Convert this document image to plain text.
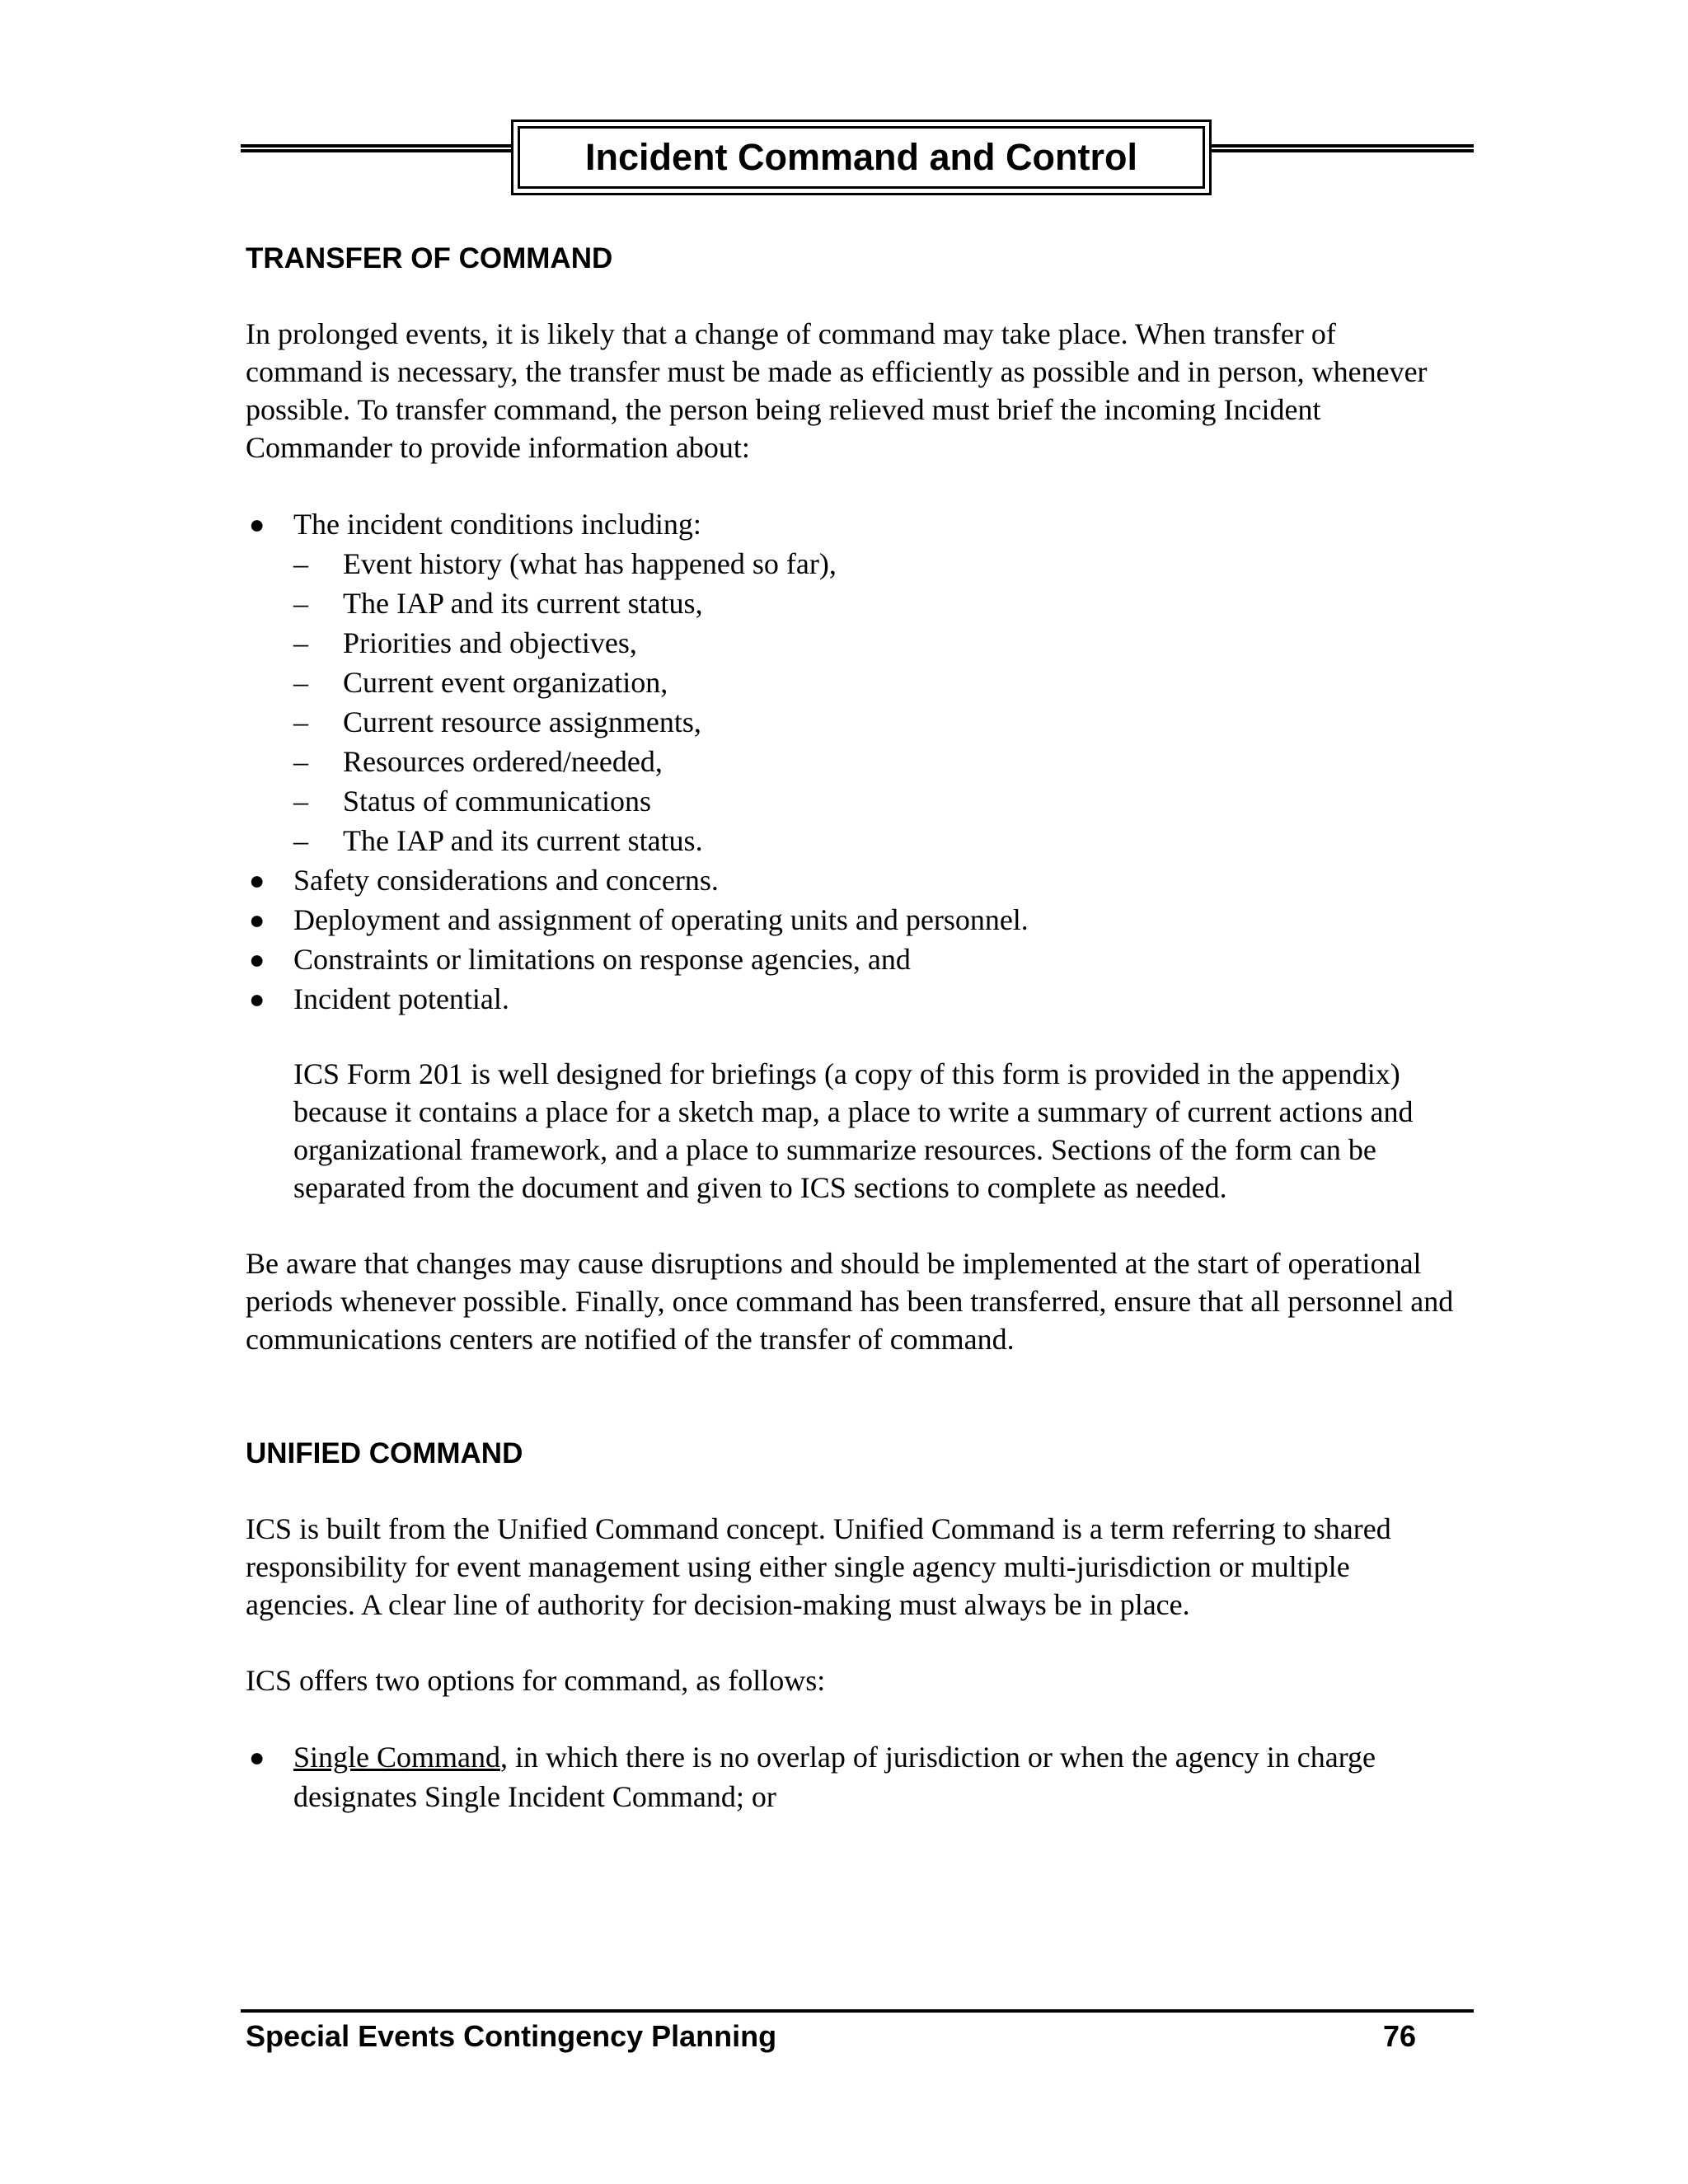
Incident Command and Control
TRANSFER OF COMMAND

In prolonged events, it is likely that a change of command may take place. When transfer of command is necessary, the transfer must be made as efficiently as possible and in person, whenever possible. To transfer command, the person being relieved must brief the incoming Incident Commander to provide information about:

● The incident conditions including:
– Event history (what has happened so far),
– The IAP and its current status,
– Priorities and objectives,
– Current event organization,
– Current resource assignments,
– Resources ordered/needed,
– Status of communications
– The IAP and its current status.
● Safety considerations and concerns.
● Deployment and assignment of operating units and personnel.
● Constraints or limitations on response agencies, and
● Incident potential.

ICS Form 201 is well designed for briefings (a copy of this form is provided in the appendix) because it contains a place for a sketch map, a place to write a summary of current actions and organizational framework, and a place to summarize resources. Sections of the form can be separated from the document and given to ICS sections to complete as needed.

Be aware that changes may cause disruptions and should be implemented at the start of operational periods whenever possible. Finally, once command has been transferred, ensure that all personnel and communications centers are notified of the transfer of command.

UNIFIED COMMAND

ICS is built from the Unified Command concept. Unified Command is a term referring to shared responsibility for event management using either single agency multi-jurisdiction or multiple agencies. A clear line of authority for decision-making must always be in place.

ICS offers two options for command, as follows:

● Single Command, in which there is no overlap of jurisdiction or when the agency in charge designates Single Incident Command; or
Special Events Contingency Planning	76
